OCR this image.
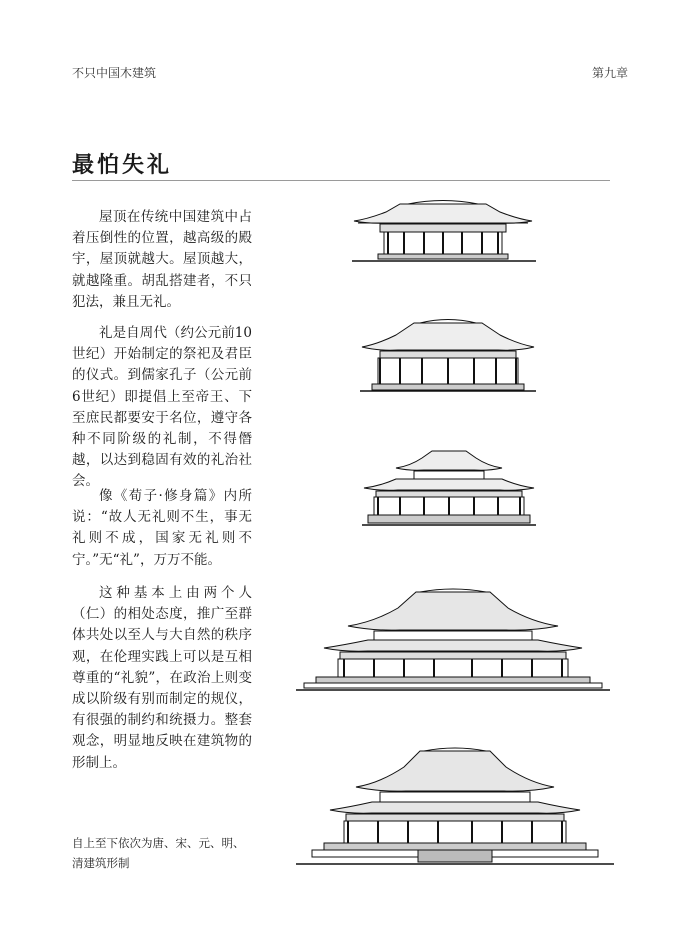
不只中国木建筑	第九章
最怕失礼

屋顶在传统中国建筑中占着压倒性的位置，越高级的殿宇，屋顶就越大。屋顶越大，就越隆重。胡乱搭建者，不只犯法，兼且无礼。

礼是自周代（约公元前10世纪）开始制定的祭祀及君臣的仪式。到儒家孔子（公元前6世纪）即提倡上至帝王、下至庶民都要安于名位，遵守各种不同阶级的礼制，不得僭越，以达到稳固有效的礼治社会。

像《荀子·修身篇》内所说：“故人无礼则不生，事无礼则不成，国家无礼则不宁。”无“礼”，万万不能。

这种基本上由两个人（仁）的相处态度，推广至群体共处以至人与大自然的秩序观，在伦理实践上可以是互相尊重的“礼貌”，在政治上则变成以阶级有别而制定的规仪，有很强的制约和统摄力。整套观念，明显地反映在建筑物的形制上。

自上至下依次为唐、宋、元、明、清建筑形制
